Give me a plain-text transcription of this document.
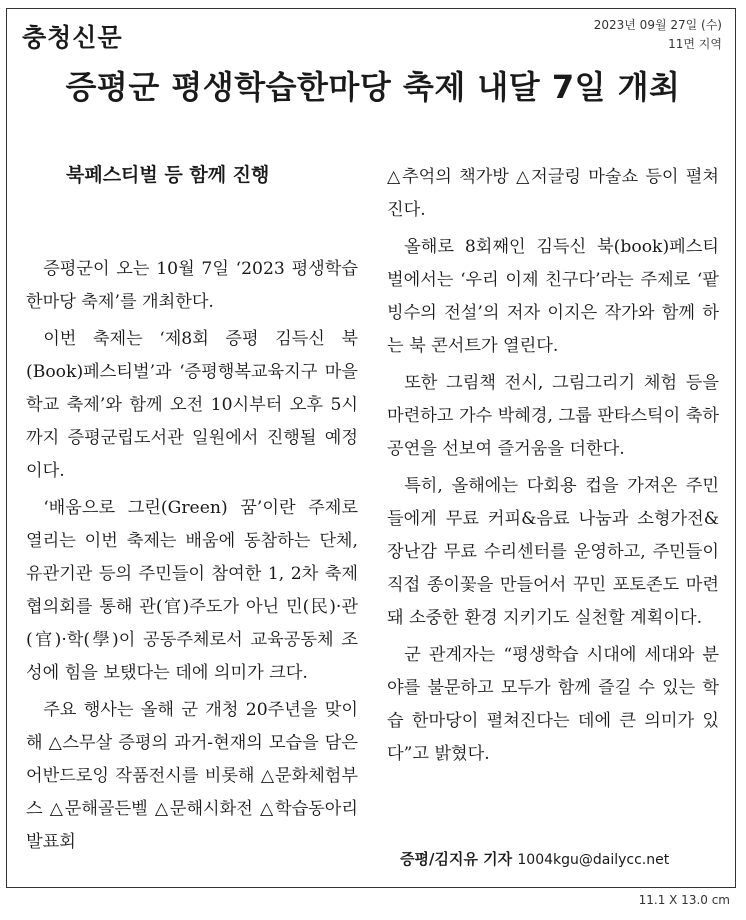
충청신문	2023년 09월 27일 (수)
11면 지역
증평군 평생학습한마당 축제 내달 7일 개최
북페스티벌 등 함께 진행

증평군이 오는 10월 7일 ‘2023 평생학습한마당 축제’를 개최한다.

이번 축제는 ‘제8회 증평 김득신 북(Book)페스티벌’과 ‘증평행복교육지구 마을학교 축제’와 함께 오전 10시부터 오후 5시까지 증평군립도서관 일원에서 진행될 예정이다.

‘배움으로 그린(Green) 꿈’이란 주제로 열리는 이번 축제는 배움에 동참하는 단체, 유관기관 등의 주민들이 참여한 1, 2차 축제협의회를 통해 관(官)주도가 아닌 민(民)·관(官)·학(學)이 공동주체로서 교육공동체 조성에 힘을 보탰다는 데에 의미가 크다.

주요 행사는 올해 군 개청 20주년을 맞이해 △스무살 증평의 과거-현재의 모습을 담은 어반드로잉 작품전시를 비롯해 △문화체험부스 △문해골든벨 △문해시화전 △학습동아리 발표회

△추억의 책가방 △저글링 마술쇼 등이 펼쳐진다.

올해로 8회째인 김득신 북(book)페스티벌에서는 ‘우리 이제 친구다’라는 주제로 ‘팥빙수의 전설’의 저자 이지은 작가와 함께 하는 북 콘서트가 열린다.

또한 그림책 전시, 그림그리기 체험 등을 마련하고 가수 박혜경, 그룹 판타스틱이 축하 공연을 선보여 즐거움을 더한다.

특히, 올해에는 다회용 컵을 가져온 주민들에게 무료 커피&음료 나눔과 소형가전&장난감 무료 수리센터를 운영하고, 주민들이 직접 종이꽃을 만들어서 꾸민 포토존도 마련돼 소중한 환경 지키기도 실천할 계획이다.

군 관계자는 “평생학습 시대에 세대와 분야를 불문하고 모두가 함께 즐길 수 있는 학습 한마당이 펼쳐진다는 데에 큰 의미가 있다”고 밝혔다.

증평/김지유 기자 1004kgu@dailycc.net
11.1 X 13.0 cm
